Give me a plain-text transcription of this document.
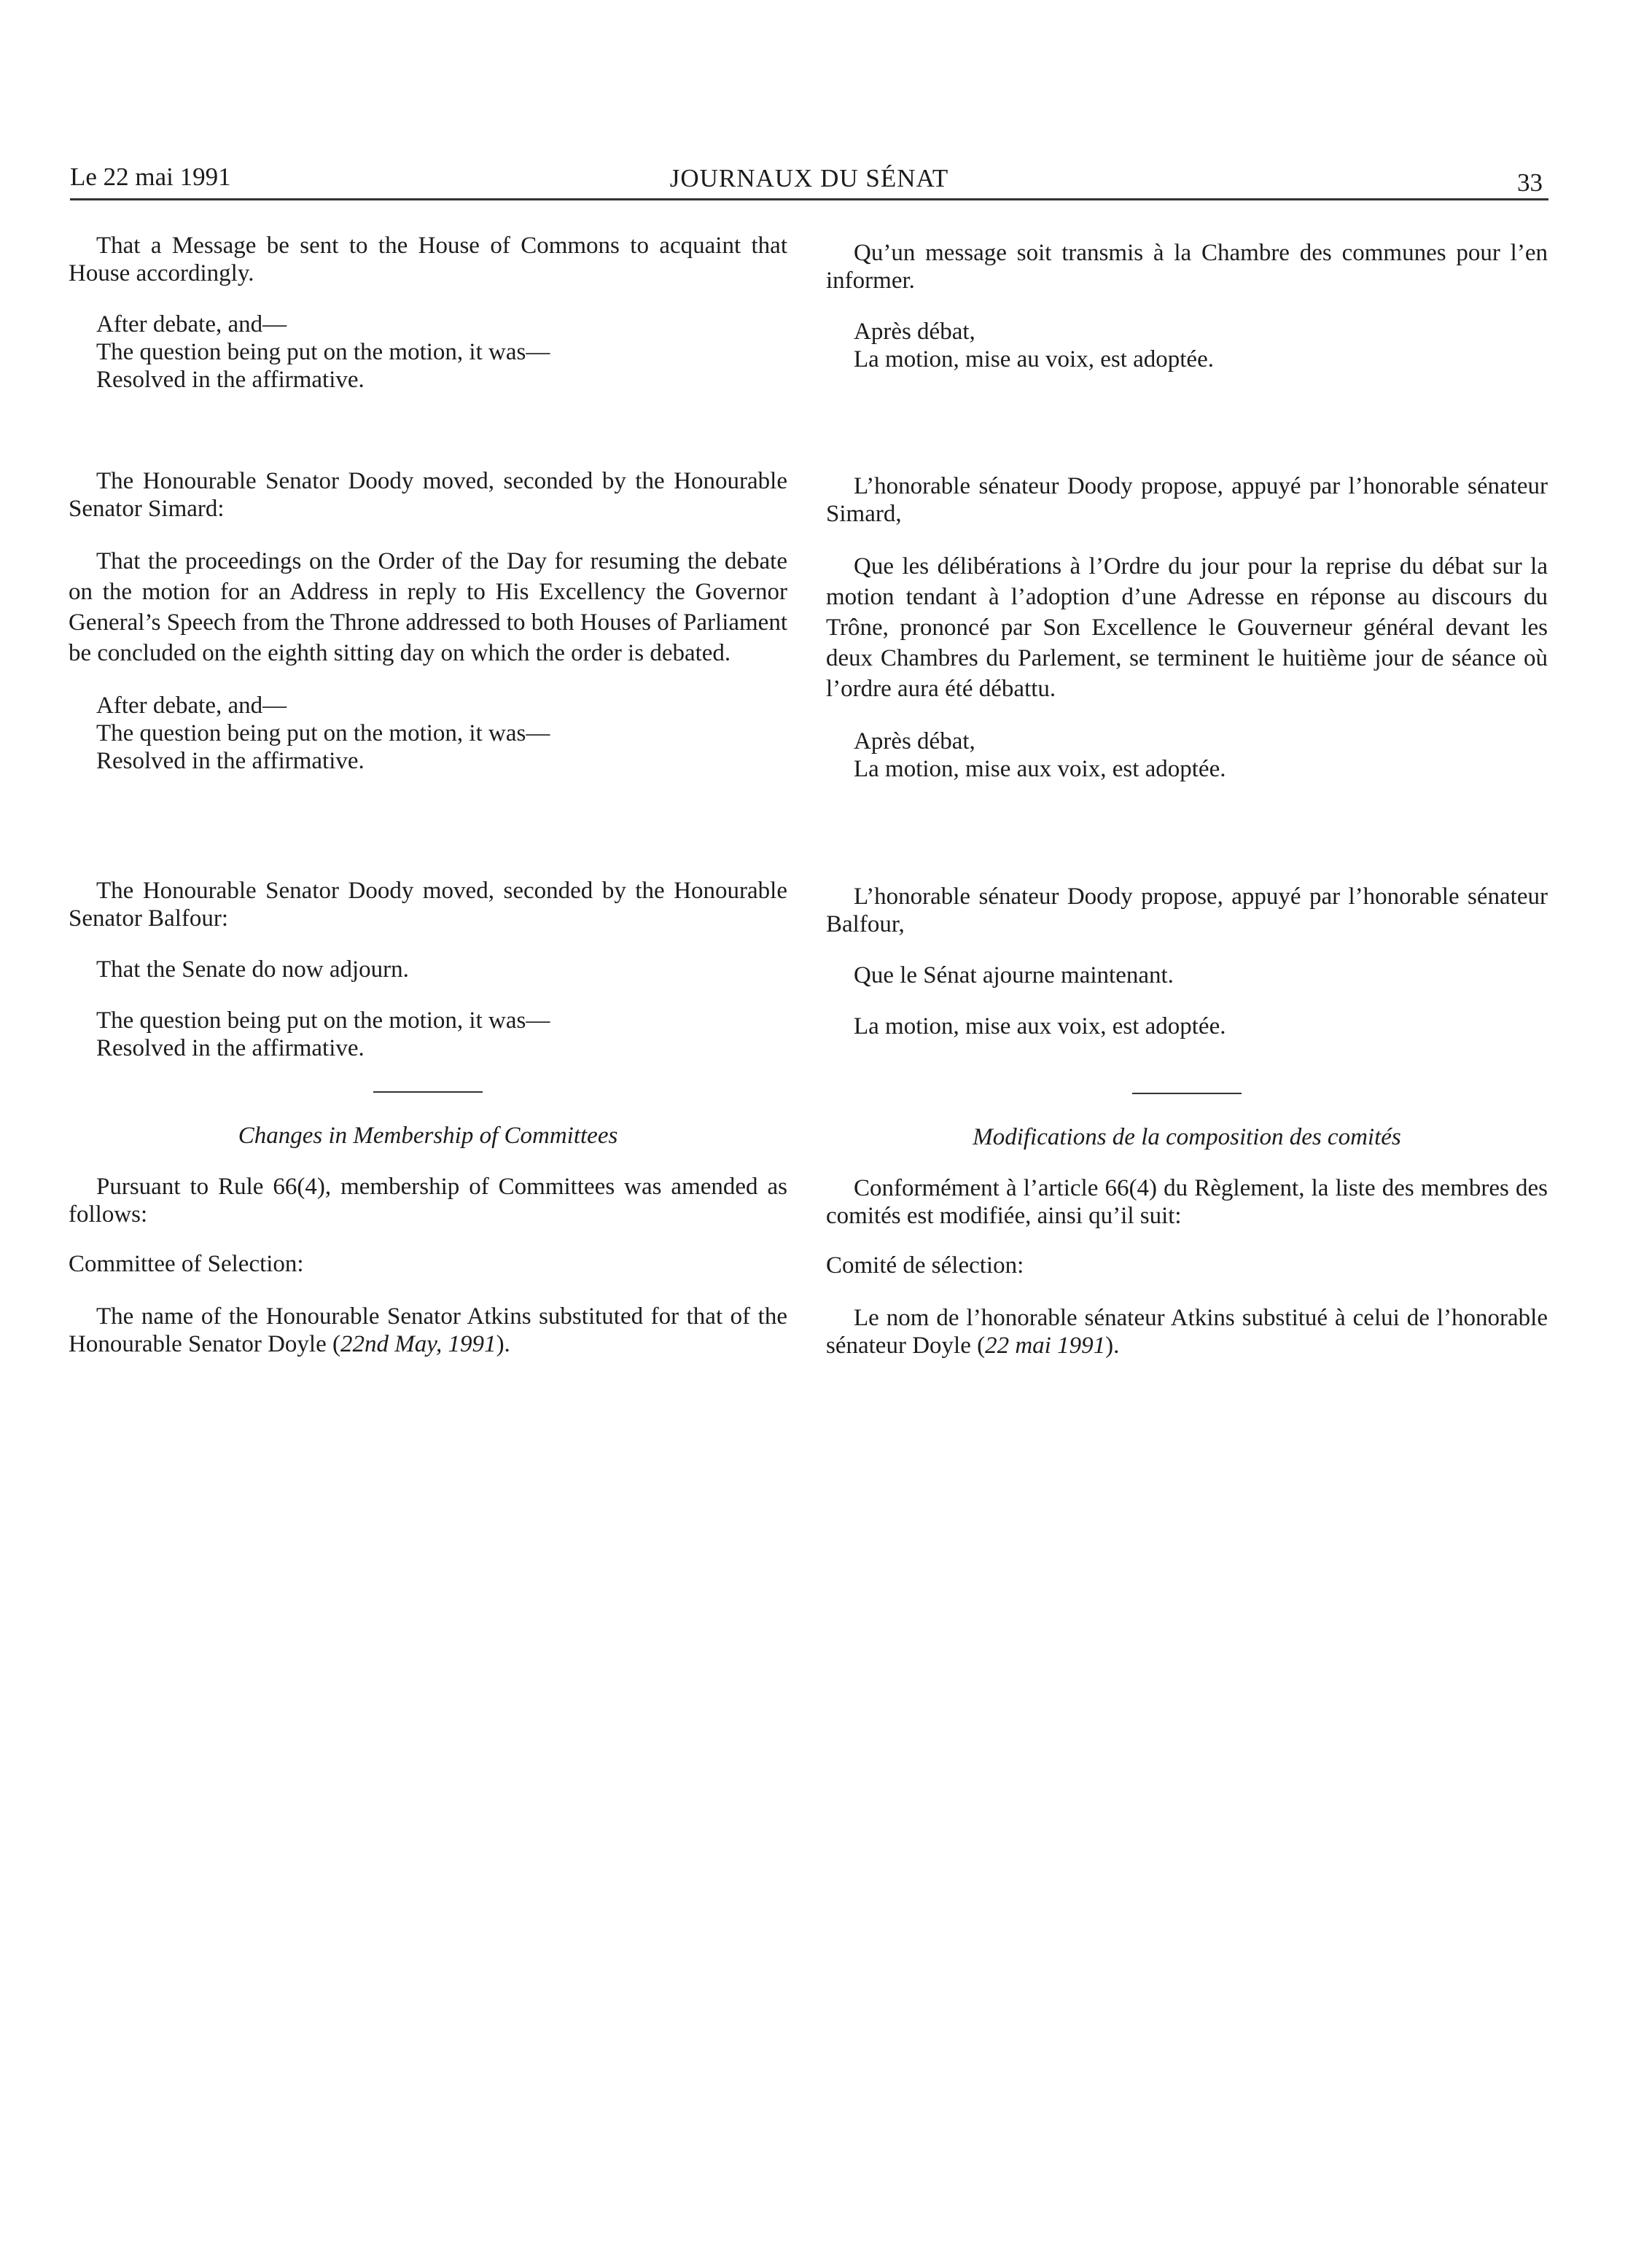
Le 22 mai 1991	JOURNAUX DU SÉNAT	33

That a Message be sent to the House of Commons to acquaint that House accordingly.

After debate, and—
The question being put on the motion, it was—
Resolved in the affirmative.

The Honourable Senator Doody moved, seconded by the Honourable Senator Simard:

That the proceedings on the Order of the Day for resuming the debate on the motion for an Address in reply to His Excellency the Governor General’s Speech from the Throne addressed to both Houses of Parliament be concluded on the eighth sitting day on which the order is debated.

After debate, and—
The question being put on the motion, it was—
Resolved in the affirmative.

The Honourable Senator Doody moved, seconded by the Honourable Senator Balfour:

That the Senate do now adjourn.

The question being put on the motion, it was—
Resolved in the affirmative.

Changes in Membership of Committees

Pursuant to Rule 66(4), membership of Committees was amended as follows:

Committee of Selection:

The name of the Honourable Senator Atkins substituted for that of the Honourable Senator Doyle (22nd May, 1991).

Qu’un message soit transmis à la Chambre des communes pour l’en informer.

Après débat,
La motion, mise au voix, est adoptée.

L’honorable sénateur Doody propose, appuyé par l’honorable sénateur Simard,

Que les délibérations à l’Ordre du jour pour la reprise du débat sur la motion tendant à l’adoption d’une Adresse en réponse au discours du Trône, prononcé par Son Excellence le Gouverneur général devant les deux Chambres du Parlement, se terminent le huitième jour de séance où l’ordre aura été débattu.

Après débat,
La motion, mise aux voix, est adoptée.

L’honorable sénateur Doody propose, appuyé par l’honorable sénateur Balfour,

Que le Sénat ajourne maintenant.

La motion, mise aux voix, est adoptée.

Modifications de la composition des comités

Conformément à l’article 66(4) du Règlement, la liste des membres des comités est modifiée, ainsi qu’il suit:

Comité de sélection:

Le nom de l’honorable sénateur Atkins substitué à celui de l’honorable sénateur Doyle (22 mai 1991).
